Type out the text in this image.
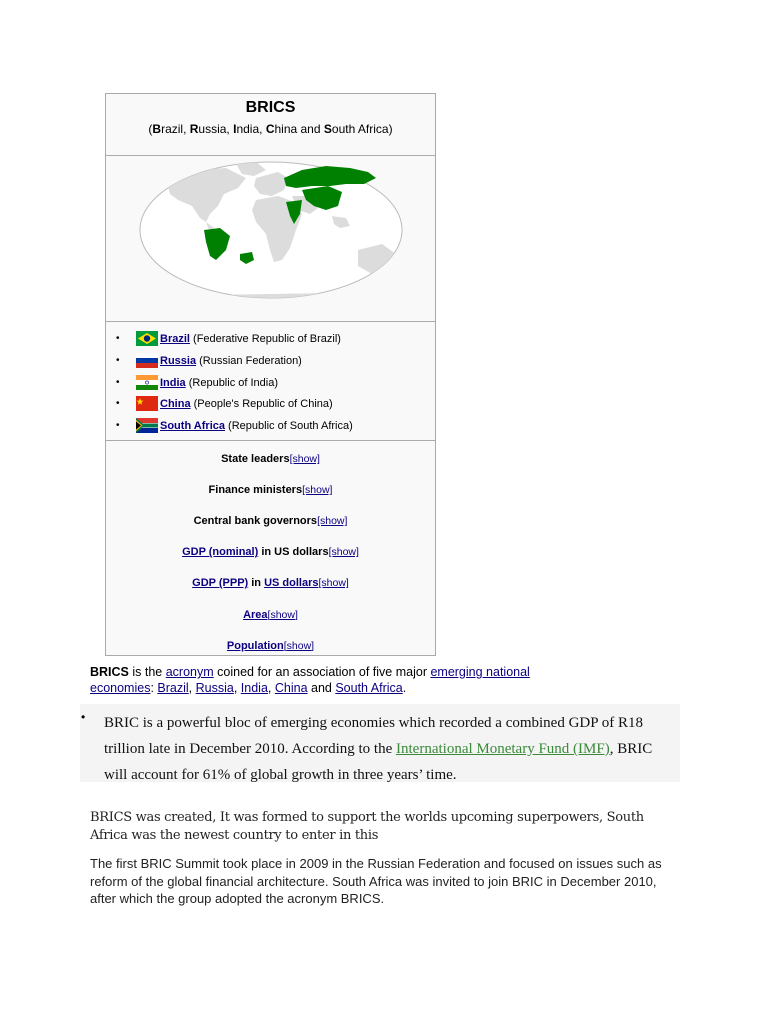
BRICS
(Brazil, Russia, India, China and South Africa)
•	Brazil (Federative Republic of Brazil)
•	Russia (Russian Federation)
•	India (Republic of India)
•	China (People's Republic of China)
•	South Africa (Republic of South Africa)
State leaders[show]
Finance ministers[show]
Central bank governors[show]
GDP (nominal) in US dollars[show]
GDP (PPP) in US dollars[show]
Area[show]
Population[show]
BRICS is the acronym coined for an association of five major emerging national
economies: Brazil, Russia, India, China and South Africa.
• BRIC is a powerful bloc of emerging economies which recorded a combined GDP of R18 trillion late in December 2010. According to the International Monetary Fund (IMF), BRIC will account for 61% of global growth in three years’ time.
BRICS was created, It was formed to support the worlds upcoming superpowers, South Africa was the newest country to enter in this
The first BRIC Summit took place in 2009 in the Russian Federation and focused on issues such as reform of the global financial architecture. South Africa was invited to join BRIC in December 2010, after which the group adopted the acronym BRICS.
